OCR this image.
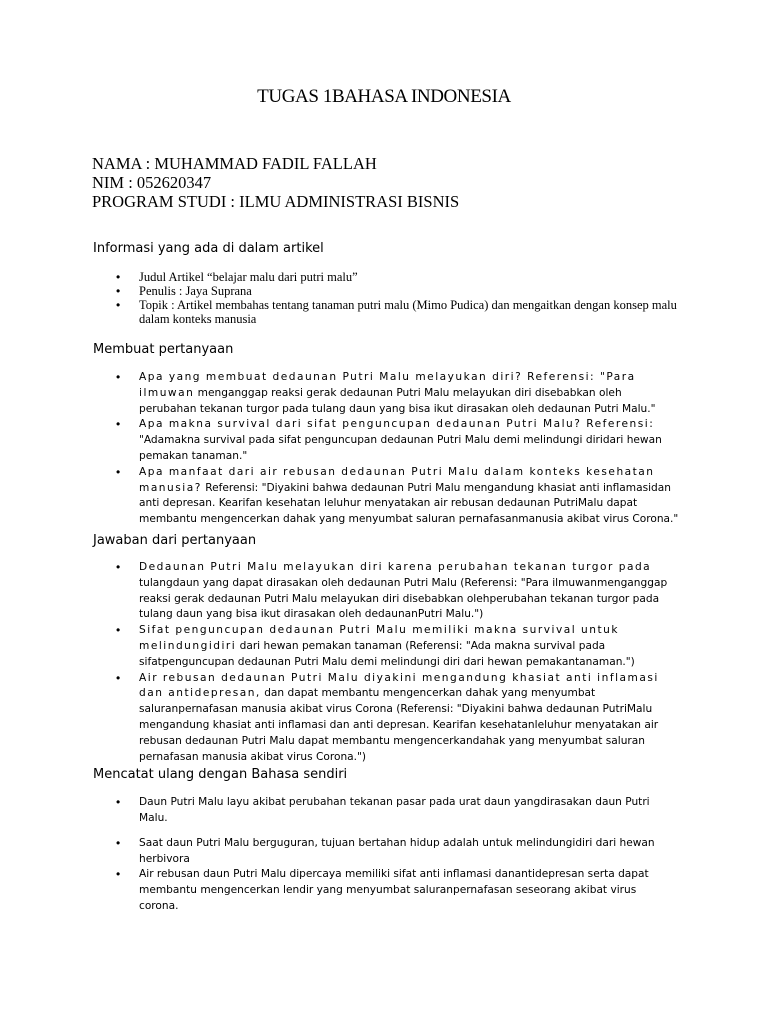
TUGAS 1BAHASA INDONESIA
NAMA : MUHAMMAD FADIL FALLAH
NIM : 052620347
PROGRAM STUDI : ILMU ADMINISTRASI BISNIS
Informasi yang ada di dalam artikel
• Judul Artikel “belajar malu dari putri malu”
• Penulis : Jaya Suprana
• Topik : Artikel membahas tentang tanaman putri malu (Mimo Pudica) dan mengaitkan dengan konsep malu dalam konteks manusia
Membuat pertanyaan
• Apa yang membuat dedaunan Putri Malu melayukan diri? Referensi: "Para ilmuwan menganggap reaksi gerak dedaunan Putri Malu melayukan diri disebabkan oleh perubahan tekanan turgor pada tulang daun yang bisa ikut dirasakan oleh dedaunan Putri Malu."
• Apa makna survival dari sifat penguncupan dedaunan Putri Malu? Referensi: "Adamakna survival pada sifat penguncupan dedaunan Putri Malu demi melindungi diridari hewan pemakan tanaman."
• Apa manfaat dari air rebusan dedaunan Putri Malu dalam konteks kesehatan manusia? Referensi: "Diyakini bahwa dedaunan Putri Malu mengandung khasiat anti inflamasidan anti depresan. Kearifan kesehatan leluhur menyatakan air rebusan dedaunan PutriMalu dapat membantu mengencerkan dahak yang menyumbat saluran pernafasanmanusia akibat virus Corona."
Jawaban dari pertanyaan
• Dedaunan Putri Malu melayukan diri karena perubahan tekanan turgor pada tulangdaun yang dapat dirasakan oleh dedaunan Putri Malu (Referensi: "Para ilmuwanmenganggap reaksi gerak dedaunan Putri Malu melayukan diri disebabkan olehperubahan tekanan turgor pada tulang daun yang bisa ikut dirasakan oleh dedaunanPutri Malu.")
• Sifat penguncupan dedaunan Putri Malu memiliki makna survival untuk melindungidiri dari hewan pemakan tanaman (Referensi: "Ada makna survival pada sifatpenguncupan dedaunan Putri Malu demi melindungi diri dari hewan pemakantanaman.")
• Air rebusan dedaunan Putri Malu diyakini mengandung khasiat anti inflamasi dan antidepresan, dan dapat membantu mengencerkan dahak yang menyumbat saluranpernafasan manusia akibat virus Corona (Referensi: "Diyakini bahwa dedaunan PutriMalu mengandung khasiat anti inflamasi dan anti depresan. Kearifan kesehatanleluhur menyatakan air rebusan dedaunan Putri Malu dapat membantu mengencerkandahak yang menyumbat saluran pernafasan manusia akibat virus Corona.")
Mencatat ulang dengan Bahasa sendiri
• Daun Putri Malu layu akibat perubahan tekanan pasar pada urat daun yangdirasakan daun Putri Malu.
• Saat daun Putri Malu berguguran, tujuan bertahan hidup adalah untuk melindungidiri dari hewan herbivora
• Air rebusan daun Putri Malu dipercaya memiliki sifat anti inflamasi danantidepresan serta dapat membantu mengencerkan lendir yang menyumbat saluranpernafasan seseorang akibat virus corona.
